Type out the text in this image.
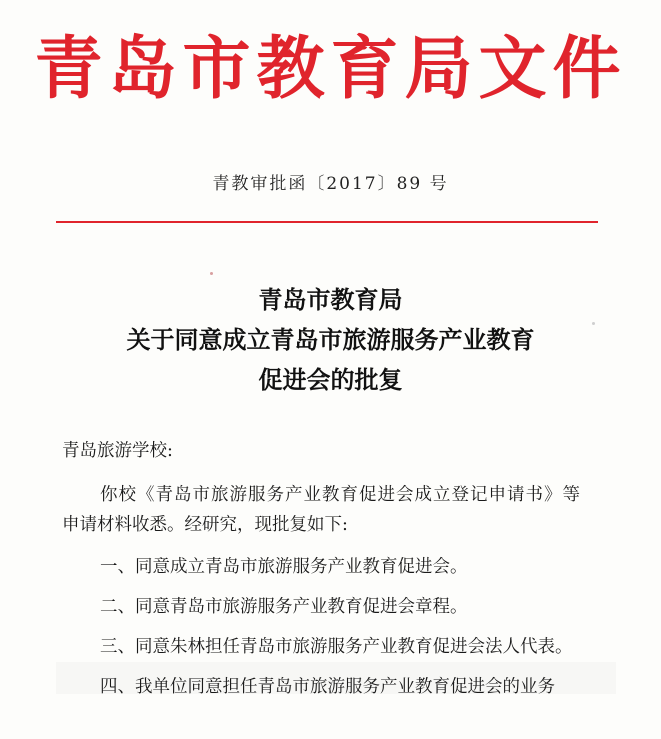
青岛市教育局文件
青教审批函〔2017〕89 号
青岛市教育局
关于同意成立青岛市旅游服务产业教育
促进会的批复
青岛旅游学校:
你校《青岛市旅游服务产业教育促进会成立登记申请书》等
申请材料收悉。经研究，现批复如下:
一、同意成立青岛市旅游服务产业教育促进会。
二、同意青岛市旅游服务产业教育促进会章程。
三、同意朱林担任青岛市旅游服务产业教育促进会法人代表。
四、我单位同意担任青岛市旅游服务产业教育促进会的业务
